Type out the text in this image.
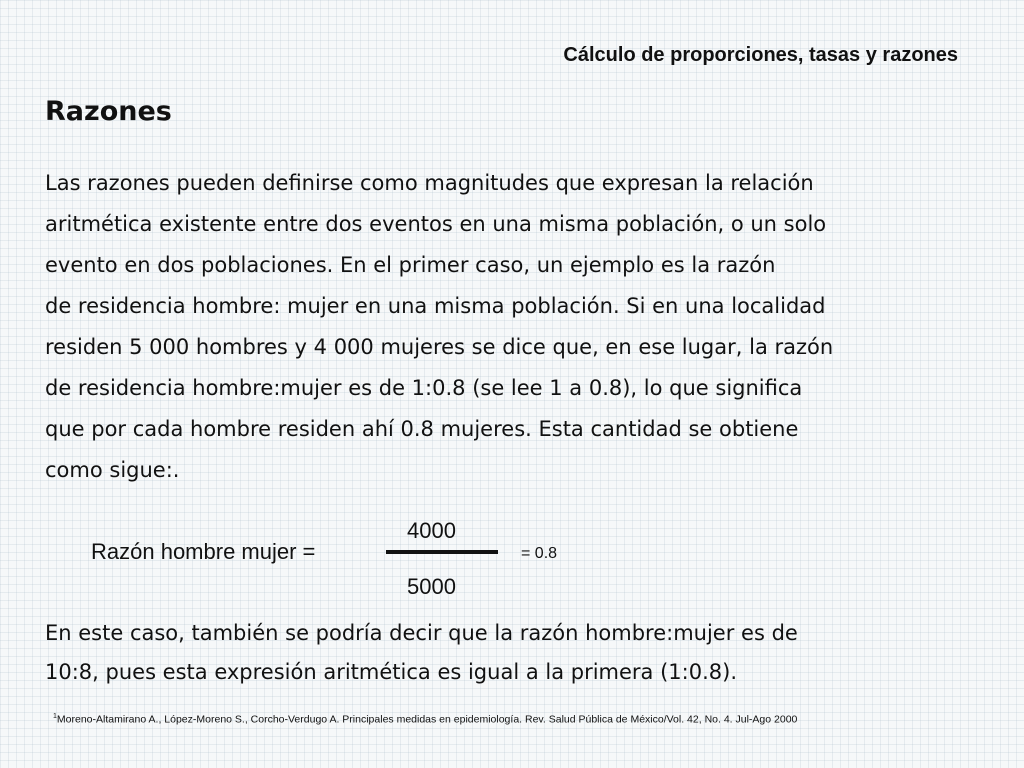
Cálculo de proporciones, tasas y razones
Razones
Las razones pueden definirse como magnitudes que expresan la relación
aritmética existente entre dos eventos en una misma población, o un solo
evento en dos poblaciones. En el primer caso, un ejemplo es la razón
de residencia hombre: mujer en una misma población. Si en una localidad
residen 5 000 hombres y 4 000 mujeres se dice que, en ese lugar, la razón
de residencia hombre:mujer es de 1:0.8 (se lee 1 a 0.8), lo que significa
que por cada hombre residen ahí 0.8 mujeres. Esta cantidad se obtiene
como sigue:.
Razón hombre mujer =
4000
5000
= 0.8
En este caso, también se podría decir que la razón hombre:mujer es de
10:8, pues esta expresión aritmética es igual a la primera (1:0.8).
$^1$Moreno-Altamirano A., López-Moreno S., Corcho-Verdugo A. Principales medidas en epidemiología. Rev. Salud Pública de México/Vol. 42, No. 4. Jul-Ago 2000
